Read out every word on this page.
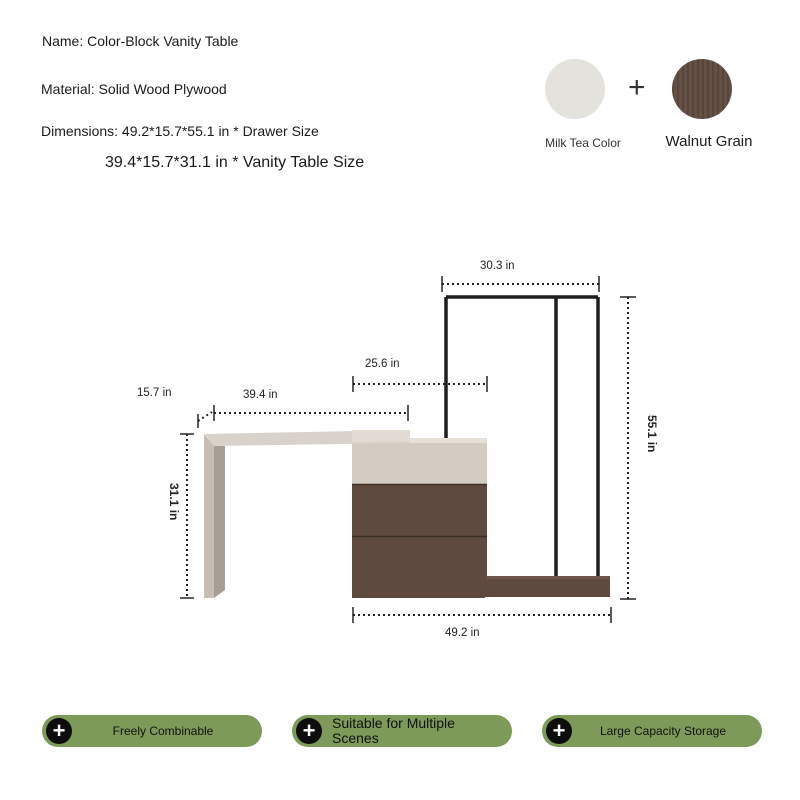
Name: Color-Block Vanity Table
Material: Solid Wood Plywood
Dimensions: 49.2*15.7*55.1 in * Drawer Size
39.4*15.7*31.1 in * Vanity Table Size
+
Milk Tea Color	Walnut Grain
30.3 in
25.6 in
15.7 in	39.4 in
31.1 in
55.1 in
49.2 in
+	Freely Combinable	+	Suitable for Multiple Scenes	+	Large Capacity Storage
